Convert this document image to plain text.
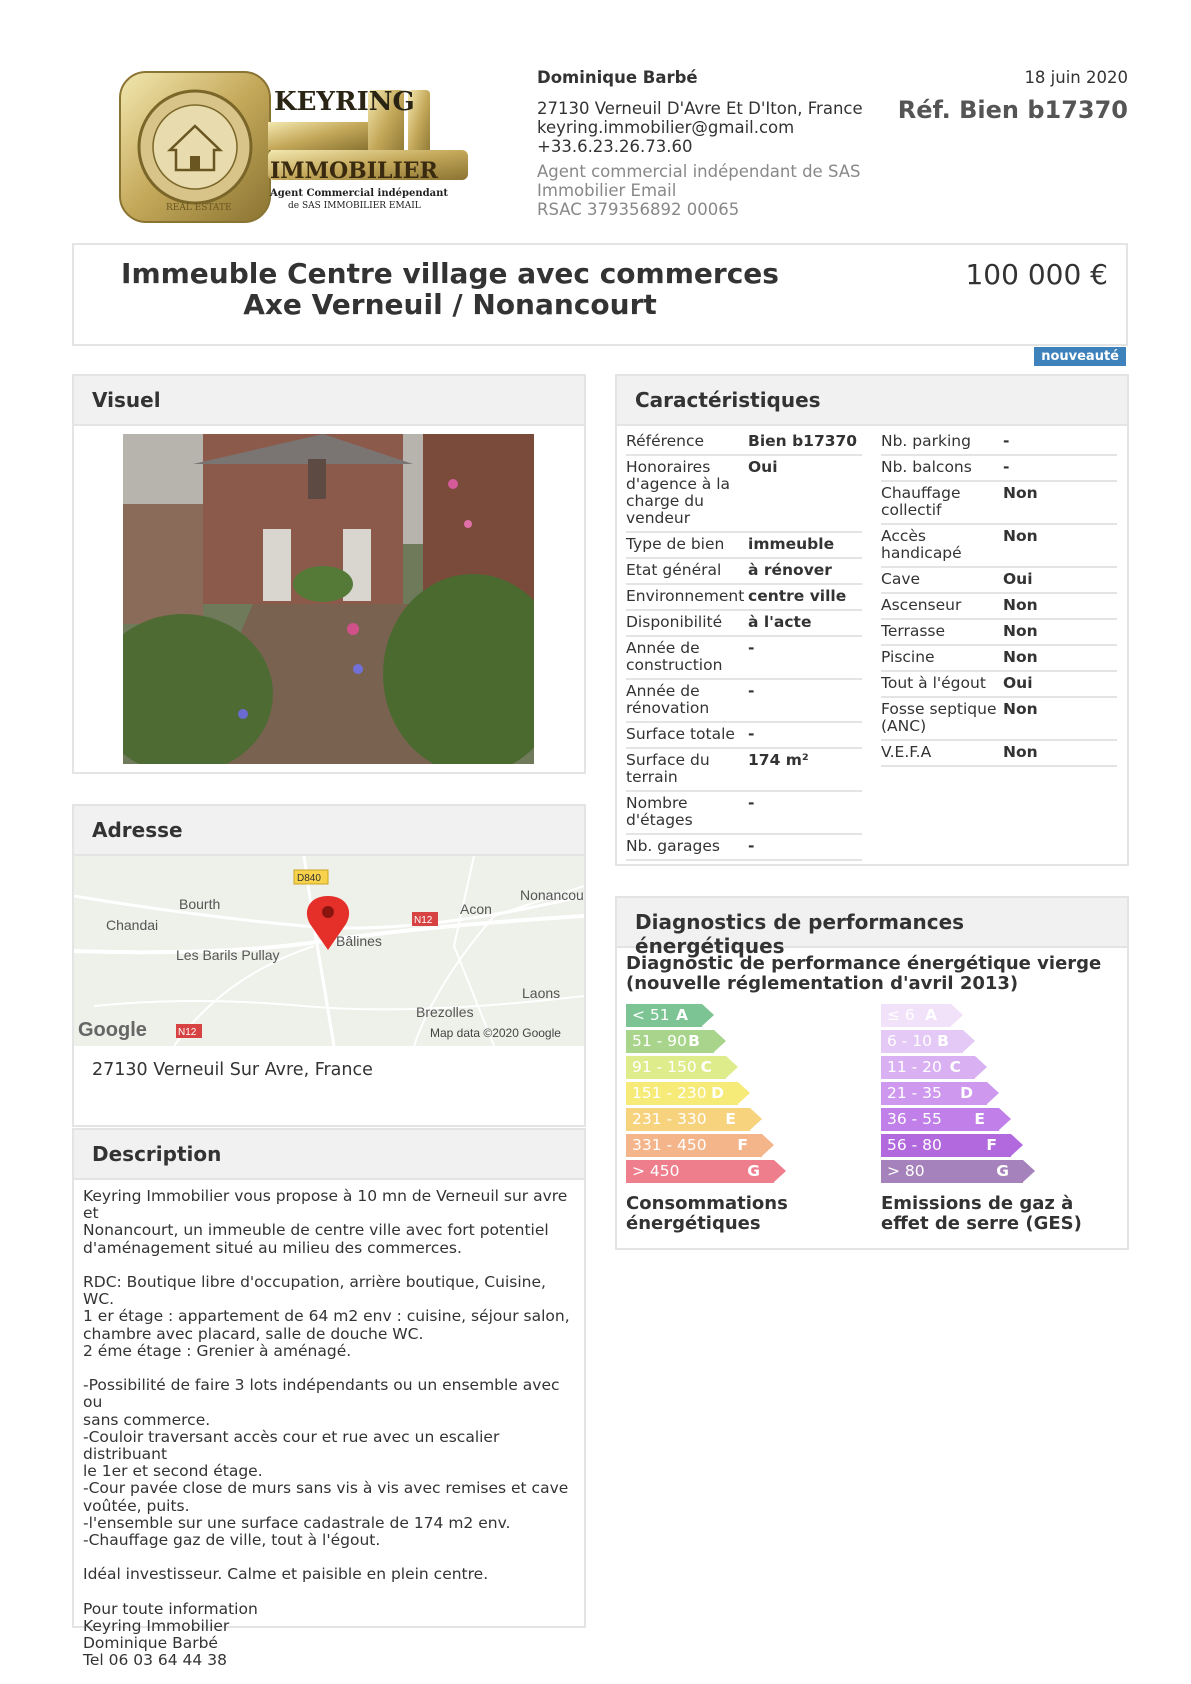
KEYRING
IMMOBILIER
Agent Commercial indépendant
de SAS IMMOBILIER EMAIL
REAL ESTATE
Dominique Barbé
27130 Verneuil D'Avre Et D'Iton, France
keyring.immobilier@gmail.com
+33.6.23.26.73.60
Agent commercial indépendant de SAS
Immobilier Email
RSAC 379356892 00065
18 juin 2020
Réf. Bien b17370
Immeuble Centre village avec commerces Axe Verneuil / Nonancourt
100 000 €
nouveauté
Visuel
Adresse
D840
Bourth
Chandai	N12
Acon
Nonancou
Bâlines
Les Barils Pullay
Laons
Brezolles
Google	N12	Map data ©2020 Google
27130 Verneuil Sur Avre, France
Description
Keyring Immobilier vous propose à 10 mn de Verneuil sur avre et
Nonancourt, un immeuble de centre ville avec fort potentiel
d'aménagement situé au milieu des commerces.

RDC: Boutique libre d'occupation, arrière boutique, Cuisine, WC.
1 er étage : appartement de 64 m2 env : cuisine, séjour salon,
chambre avec placard, salle de douche WC.
2 éme étage : Grenier à aménagé.

-Possibilité de faire 3 lots indépendants ou un ensemble avec ou
sans commerce.
-Couloir traversant accès cour et rue avec un escalier distribuant
le 1er et second étage.
-Cour pavée close de murs sans vis à vis avec remises et cave
voûtée, puits.
-l'ensemble sur une surface cadastrale de 174 m2 env.
-Chauffage gaz de ville, tout à l'égout.

Idéal investisseur. Calme et paisible en plein centre.

Pour toute information
Keyring Immobilier
Dominique Barbé
Tel 06 03 64 44 38
Caractéristiques
Référence	Bien b17370
Honoraires d'agence à la charge du vendeur
Oui
Type de bien	immeuble
Etat général	à rénover
Environnement centre ville
Disponibilité	à l'acte
Année de construction
-
Année de rénovation
-
Surface totale -
Surface du terrain
174 m²
Nombre d'étages
-
Nb. garages	-
Nb. parking	-
Nb. balcons	-
Chauffage collectif
Non
Accès handicapé
Non
Cave	Oui
Ascenseur	Non
Terrasse	Non
Piscine	Non
Tout à l'égout	Oui
Fosse septique (ANC)
Non
V.E.F.A	Non
Diagnostics de performances énergétiques
Diagnostic de performance énergétique vierge (nouvelle réglementation d'avril 2013)
< 51 A
51 - 90 B
91 - 150 C
151 - 230 D
231 - 330 E
331 - 450 F
> 450	G
≤ 6 A
6 - 10 B
11 - 20 C
21 - 35 D
36 - 55 E
56 - 80	F
> 80	G
Consommations énergétiques
Emissions de gaz à effet de serre (GES)
